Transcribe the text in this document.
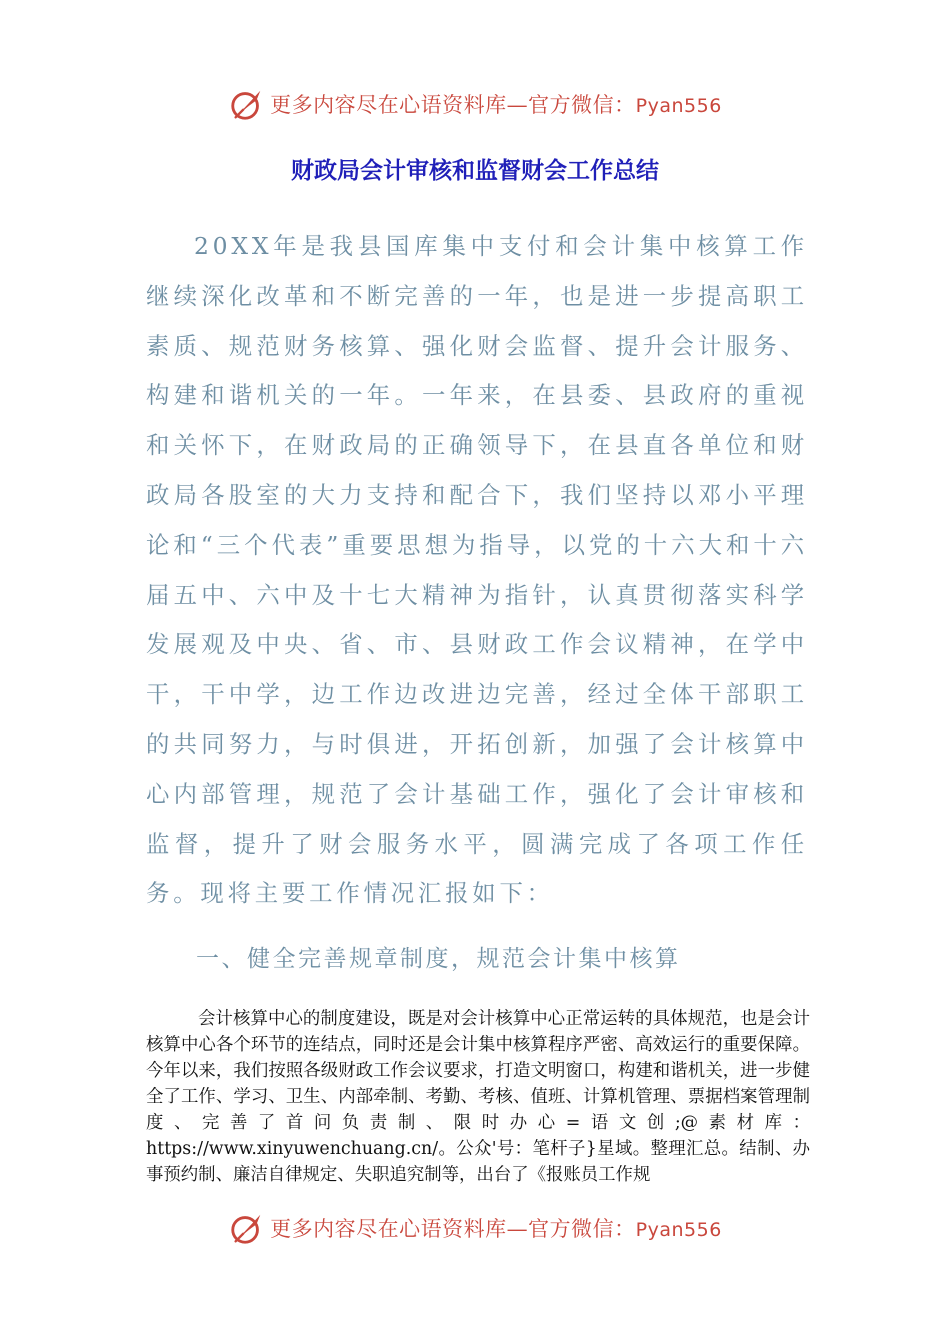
更多内容尽在心语资料库—官方微信：Pyan556
财政局会计审核和监督财会工作总结
20XX年是我县国库集中支付和会计集中核算工作继续深化改革和不断完善的一年，也是进一步提高职工素质、规范财务核算、强化财会监督、提升会计服务、构建和谐机关的一年。一年来，在县委、县政府的重视和关怀下，在财政局的正确领导下，在县直各单位和财政局各股室的大力支持和配合下，我们坚持以邓小平理论和“三个代表”重要思想为指导，以党的十六大和十六届五中、六中及十七大精神为指针，认真贯彻落实科学发展观及中央、省、市、县财政工作会议精神，在学中干，干中学，边工作边改进边完善，经过全体干部职工的共同努力，与时俱进，开拓创新，加强了会计核算中心内部管理，规范了会计基础工作，强化了会计审核和监督，提升了财会服务水平，圆满完成了各项工作任务。现将主要工作情况汇报如下：
一、健全完善规章制度，规范会计集中核算
会计核算中心的制度建设，既是对会计核算中心正常运转的具体规范，也是会计核算中心各个环节的连结点，同时还是会计集中核算程序严密、高效运行的重要保障。今年以来，我们按照各级财政工作会议要求，打造文明窗口，构建和谐机关，进一步健全了工作、学习、卫生、内部牵制、考勤、考核、值班、计算机管理、票据档案管理制度、完善了首问负责制、限时办心=语文创;@素材库：https://www.xinyuwenchuang.cn/。公众'号：笔杆子}星域。整理汇总。结制、办事预约制、廉洁自律规定、失职追究制等，出台了《报账员工作规
更多内容尽在心语资料库—官方微信：Pyan556
